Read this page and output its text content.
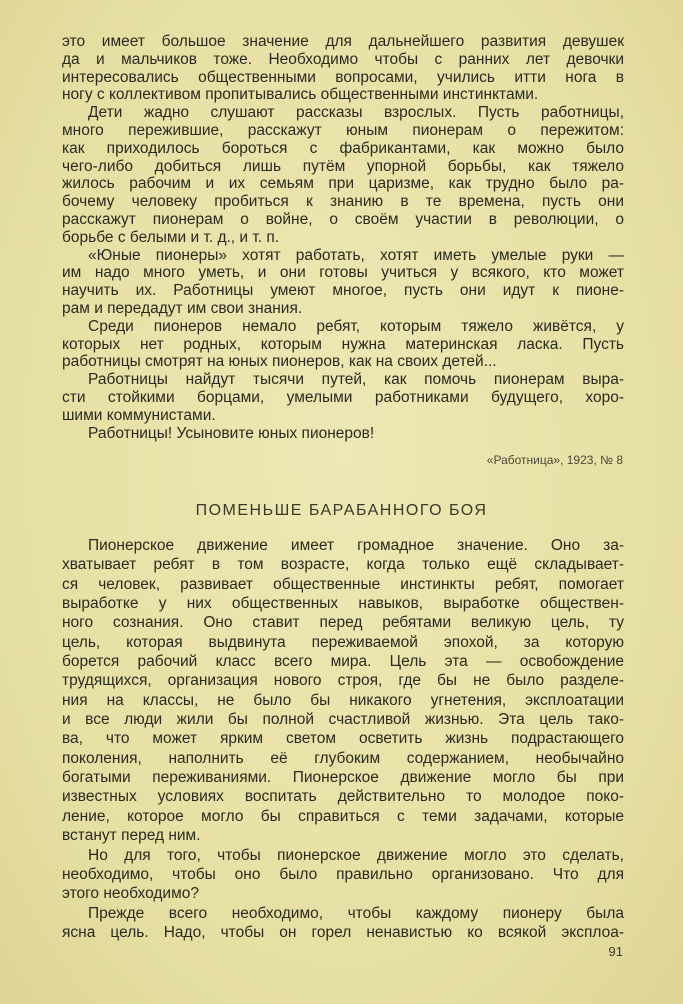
это имеет большое значение для дальнейшего развития девушек
да и мальчиков тоже. Необходимо чтобы с ранних лет девочки
интересовались общественными вопросами, учились итти нога в
ногу с коллективом пропитывались общественными инстинктами.
Дети жадно слушают рассказы взрослых. Пусть работницы,
много пережившие, расскажут юным пионерам о пережитом:
как приходилось бороться с фабрикантами, как можно было
чего-либо добиться лишь путём упорной борьбы, как тяжело
жилось рабочим и их семьям при царизме, как трудно было ра-
бочему человеку пробиться к знанию в те времена, пусть они
расскажут пионерам о войне, о своём участии в революции, о
борьбе с белыми и т. д., и т. п.
«Юные пионеры» хотят работать, хотят иметь умелые руки —
им надо много уметь, и они готовы учиться у всякого, кто может
научить их. Работницы умеют многое, пусть они идут к пионе-
рам и передадут им свои знания.
Среди пионеров немало ребят, которым тяжело живётся, у
которых нет родных, которым нужна материнская ласка. Пусть
работницы смотрят на юных пионеров, как на своих детей...
Работницы найдут тысячи путей, как помочь пионерам выра-
сти стойкими борцами, умелыми работниками будущего, хоро-
шими коммунистами.
Работницы! Усыновите юных пионеров!
«Работница», 1923, № 8
ПОМЕНЬШЕ БАРАБАННОГО БОЯ
Пионерское движение имеет громадное значение. Оно за-
хватывает ребят в том возрасте, когда только ещё складывает-
ся человек, развивает общественные инстинкты ребят, помогает
выработке у них общественных навыков, выработке обществен-
ного сознания. Оно ставит перед ребятами великую цель, ту
цель, которая выдвинута переживаемой эпохой, за которую
борется рабочий класс всего мира. Цель эта — освобождение
трудящихся, организация нового строя, где бы не было разделе-
ния на классы, не было бы никакого угнетения, эксплоатации
и все люди жили бы полной счастливой жизнью. Эта цель тако-
ва, что может ярким светом осветить жизнь подрастающего
поколения, наполнить её глубоким содержанием, необычайно
богатыми переживаниями. Пионерское движение могло бы при
известных условиях воспитать действительно то молодое поко-
ление, которое могло бы справиться с теми задачами, которые
встанут перед ним.
Но для того, чтобы пионерское движение могло это сделать,
необходимо, чтобы оно было правильно организовано. Что для
этого необходимо?
Прежде всего необходимо, чтобы каждому пионеру была
ясна цель. Надо, чтобы он горел ненавистью ко всякой эксплоа-
91
